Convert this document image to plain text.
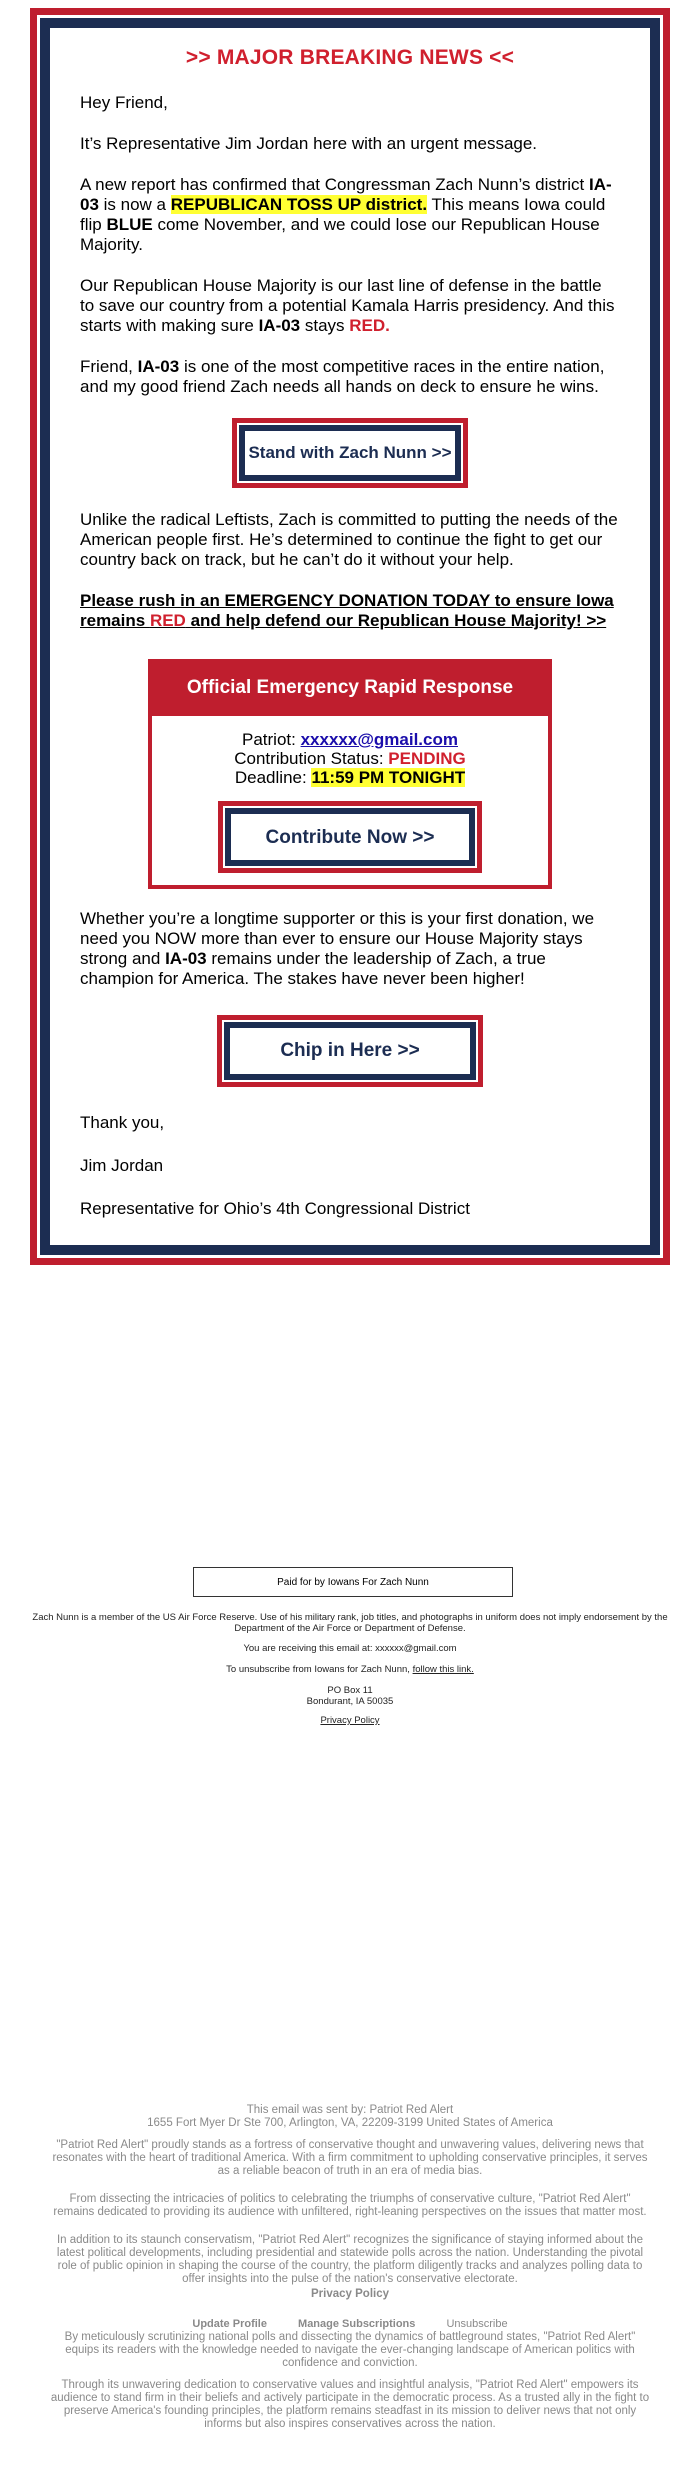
>> MAJOR BREAKING NEWS <<

Hey Friend,

It’s Representative Jim Jordan here with an urgent message.

A new report has confirmed that Congressman Zach Nunn’s district IA-03 is now a REPUBLICAN TOSS UP district. This means Iowa could flip BLUE come November, and we could lose our Republican House Majority.

Our Republican House Majority is our last line of defense in the battle to save our country from a potential Kamala Harris presidency. And this starts with making sure IA-03 stays RED.

Friend, IA-03 is one of the most competitive races in the entire nation, and my good friend Zach needs all hands on deck to ensure he wins.

Stand with Zach Nunn >>

Unlike the radical Leftists, Zach is committed to putting the needs of the American people first. He’s determined to continue the fight to get our country back on track, but he can’t do it without your help.

Please rush in an EMERGENCY DONATION TODAY to ensure Iowa remains RED and help defend our Republican House Majority! >>

Official Emergency Rapid Response
Patriot: xxxxxx@gmail.com
Contribution Status: PENDING
Deadline: 11:59 PM TONIGHT
Contribute Now >>

Whether you’re a longtime supporter or this is your first donation, we need you NOW more than ever to ensure our House Majority stays strong and IA-03 remains under the leadership of Zach, a true champion for America. The stakes have never been higher!

Chip in Here >>

Thank you,

Jim Jordan

Representative for Ohio’s 4th Congressional District

Paid for by Iowans For Zach Nunn
Zach Nunn is a member of the US Air Force Reserve. Use of his military rank, job titles, and photographs in uniform does not imply endorsement by the Department of the Air Force or Department of Defense.
You are receiving this email at: xxxxxx@gmail.com
To unsubscribe from Iowans for Zach Nunn, follow this link.
PO Box 11
Bondurant, IA 50035
Privacy Policy
This email was sent by: Patriot Red Alert
1655 Fort Myer Dr Ste 700, Arlington, VA, 22209-3199 United States of America
"Patriot Red Alert" proudly stands as a fortress of conservative thought and unwavering values, delivering news that resonates with the heart of traditional America. With a firm commitment to upholding conservative principles, it serves as a reliable beacon of truth in an era of media bias.
From dissecting the intricacies of politics to celebrating the triumphs of conservative culture, "Patriot Red Alert" remains dedicated to providing its audience with unfiltered, right-leaning perspectives on the issues that matter most.
In addition to its staunch conservatism, "Patriot Red Alert" recognizes the significance of staying informed about the latest political developments, including presidential and statewide polls across the nation. Understanding the pivotal role of public opinion in shaping the course of the country, the platform diligently tracks and analyzes polling data to offer insights into the pulse of the nation's conservative electorate.
Privacy Policy
Update Profile	Manage Subscriptions	Unsubscribe
By meticulously scrutinizing national polls and dissecting the dynamics of battleground states, "Patriot Red Alert" equips its readers with the knowledge needed to navigate the ever-changing landscape of American politics with confidence and conviction.
Through its unwavering dedication to conservative values and insightful analysis, "Patriot Red Alert" empowers its audience to stand firm in their beliefs and actively participate in the democratic process. As a trusted ally in the fight to preserve America's founding principles, the platform remains steadfast in its mission to deliver news that not only informs but also inspires conservatives across the nation.
